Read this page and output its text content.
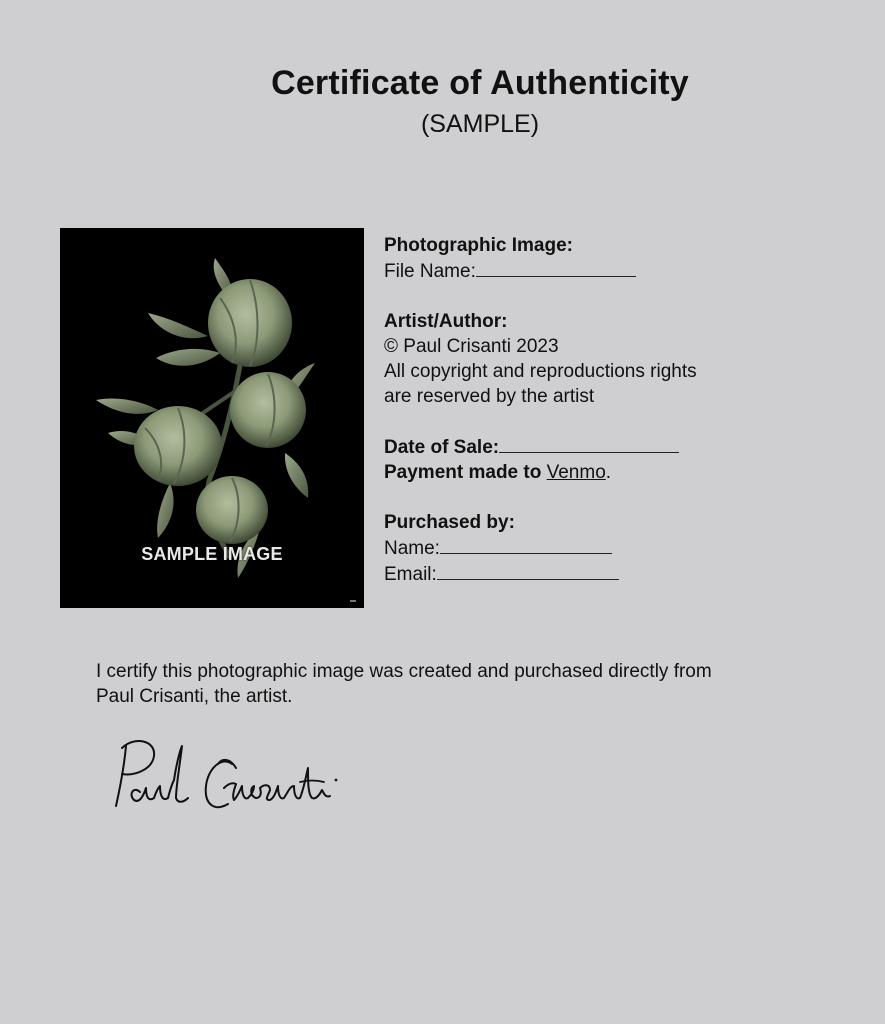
Certificate of Authenticity
(SAMPLE)
SAMPLE IMAGE
Photographic Image:
File Name:
Artist/Author:
© Paul Crisanti 2023
All copyright and reproductions rights
are reserved by the artist
Date of Sale:
Payment made to Venmo.
Purchased by:
Name:
Email:
I certify this photographic image was created and purchased directly from
Paul Crisanti, the artist.
